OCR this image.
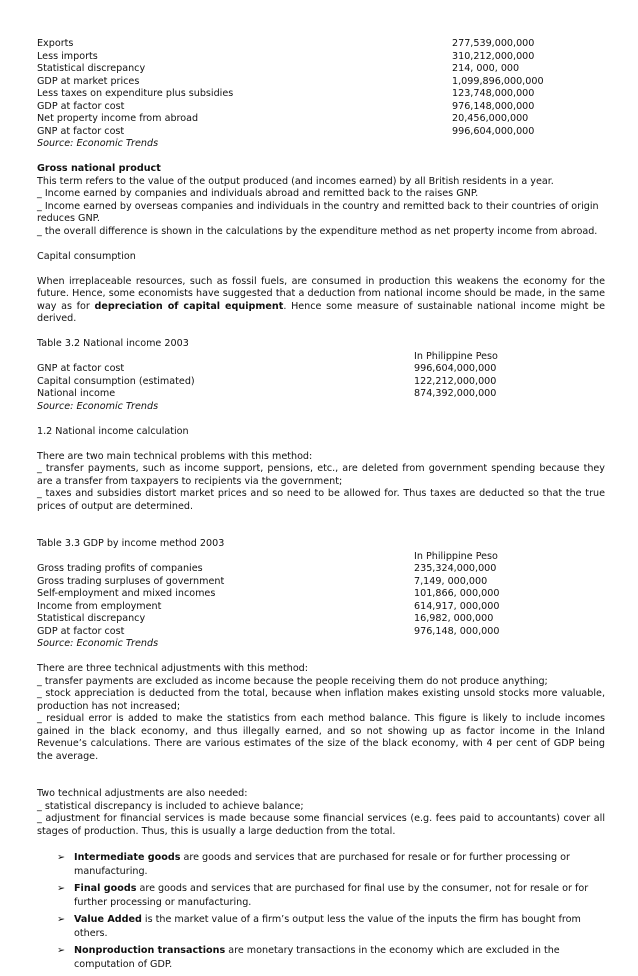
Exports	277,539,000,000
Less imports	310,212,000,000
Statistical discrepancy	214, 000, 000
GDP at market prices	1,099,896,000,000
Less taxes on expenditure plus subsidies	123,748,000,000
GDP at factor cost	976,148,000,000
Net property income from abroad	20,456,000,000
GNP at factor cost	996,604,000,000
Source: Economic Trends
Gross national product
This term refers to the value of the output produced (and incomes earned) by all British residents in a year.
_ Income earned by companies and individuals abroad and remitted back to the raises GNP.
_ Income earned by overseas companies and individuals in the country and remitted back to their countries of origin reduces GNP.
_ the overall difference is shown in the calculations by the expenditure method as net property income from abroad.
Capital consumption
When irreplaceable resources, such as fossil fuels, are consumed in production this weakens the economy for the future. Hence, some economists have suggested that a deduction from national income should be made, in the same way as for depreciation of capital equipment. Hence some measure of sustainable national income might be derived.
Table 3.2 National income 2003
In Philippine Peso
GNP at factor cost	996,604,000,000
Capital consumption (estimated)	122,212,000,000
National income	874,392,000,000
Source: Economic Trends
1.2 National income calculation
There are two main technical problems with this method:
_ transfer payments, such as income support, pensions, etc., are deleted from government spending because they are a transfer from taxpayers to recipients via the government;
_ taxes and subsidies distort market prices and so need to be allowed for. Thus taxes are deducted so that the true prices of output are determined.
Table 3.3 GDP by income method 2003
In Philippine Peso
Gross trading profits of companies	235,324,000,000
Gross trading surpluses of government	7,149, 000,000
Self-employment and mixed incomes	101,866, 000,000
Income from employment	614,917, 000,000
Statistical discrepancy	16,982, 000,000
GDP at factor cost	976,148, 000,000
Source: Economic Trends
There are three technical adjustments with this method:
_ transfer payments are excluded as income because the people receiving them do not produce anything;
_ stock appreciation is deducted from the total, because when inflation makes existing unsold stocks more valuable, production has not increased;
_ residual error is added to make the statistics from each method balance. This figure is likely to include incomes gained in the black economy, and thus illegally earned, and so not showing up as factor income in the Inland Revenue’s calculations. There are various estimates of the size of the black economy, with 4 per cent of GDP being the average.
Two technical adjustments are also needed:
_ statistical discrepancy is included to achieve balance;
_ adjustment for financial services is made because some financial services (e.g. fees paid to accountants) cover all stages of production. Thus, this is usually a large deduction from the total.
➢ Intermediate goods are goods and services that are purchased for resale or for further processing or manufacturing.
➢ Final goods are goods and services that are purchased for final use by the consumer, not for resale or for further processing or manufacturing.
➢ Value Added is the market value of a firm’s output less the value of the inputs the firm has bought from others.
➢ Nonproduction transactions are monetary transactions in the economy which are excluded in the computation of GDP.
